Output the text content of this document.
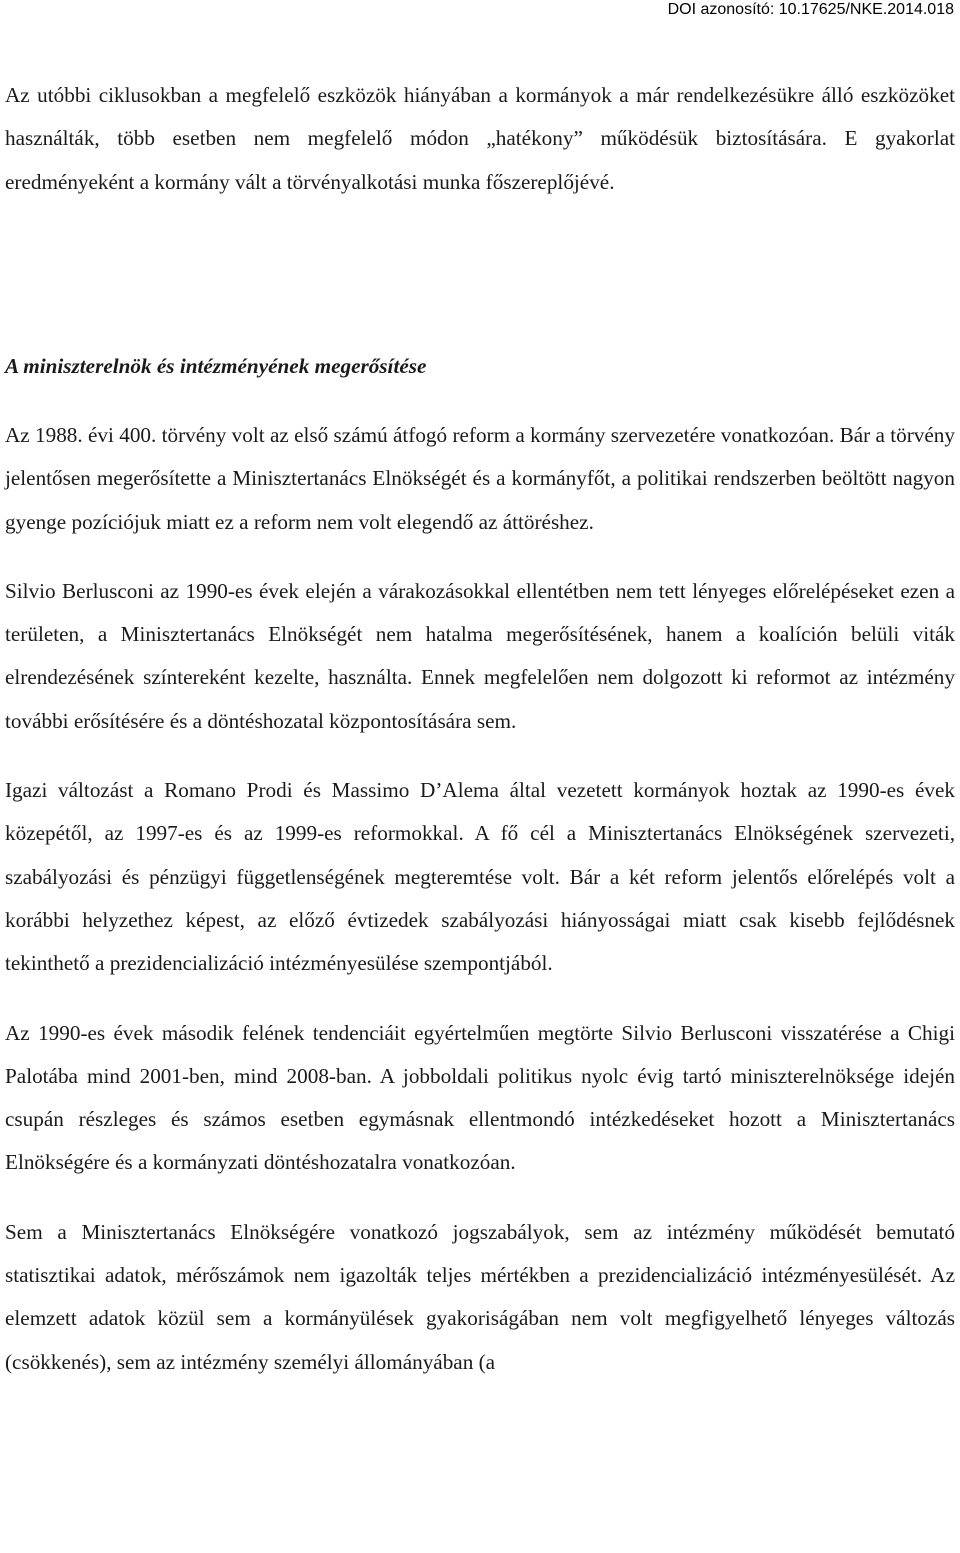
DOI azonosító: 10.17625/NKE.2014.018

Az utóbbi ciklusokban a megfelelő eszközök hiányában a kormányok a már rendelkezésükre álló eszközöket használták, több esetben nem megfelelő módon „hatékony” működésük biztosítására. E gyakorlat eredményeként a kormány vált a törvényalkotási munka főszereplőjévé.

A miniszterelnök és intézményének megerősítése

Az 1988. évi 400. törvény volt az első számú átfogó reform a kormány szervezetére vonatkozóan. Bár a törvény jelentősen megerősítette a Minisztertanács Elnökségét és a kormányfőt, a politikai rendszerben beöltött nagyon gyenge pozíciójuk miatt ez a reform nem volt elegendő az áttöréshez.

Silvio Berlusconi az 1990-es évek elején a várakozásokkal ellentétben nem tett lényeges előrelépéseket ezen a területen, a Minisztertanács Elnökségét nem hatalma megerősítésének, hanem a koalíción belüli viták elrendezésének színtereként kezelte, használta. Ennek megfelelően nem dolgozott ki reformot az intézmény további erősítésére és a döntéshozatal központosítására sem.

Igazi változást a Romano Prodi és Massimo D’Alema által vezetett kormányok hoztak az 1990-es évek közepétől, az 1997-es és az 1999-es reformokkal. A fő cél a Minisztertanács Elnökségének szervezeti, szabályozási és pénzügyi függetlenségének megteremtése volt. Bár a két reform jelentős előrelépés volt a korábbi helyzethez képest, az előző évtizedek szabályozási hiányosságai miatt csak kisebb fejlődésnek tekinthető a prezidencializáció intézményesülése szempontjából.

Az 1990-es évek második felének tendenciáit egyértelműen megtörte Silvio Berlusconi visszatérése a Chigi Palotába mind 2001-ben, mind 2008-ban. A jobboldali politikus nyolc évig tartó miniszterelnöksége idején csupán részleges és számos esetben egymásnak ellentmondó intézkedéseket hozott a Minisztertanács Elnökségére és a kormányzati döntéshozatalra vonatkozóan.

Sem a Minisztertanács Elnökségére vonatkozó jogszabályok, sem az intézmény működését bemutató statisztikai adatok, mérőszámok nem igazolták teljes mértékben a prezidencializáció intézményesülését. Az elemzett adatok közül sem a kormányülések gyakoriságában nem volt megfigyelhető lényeges változás (csökkenés), sem az intézmény személyi állományában (a
